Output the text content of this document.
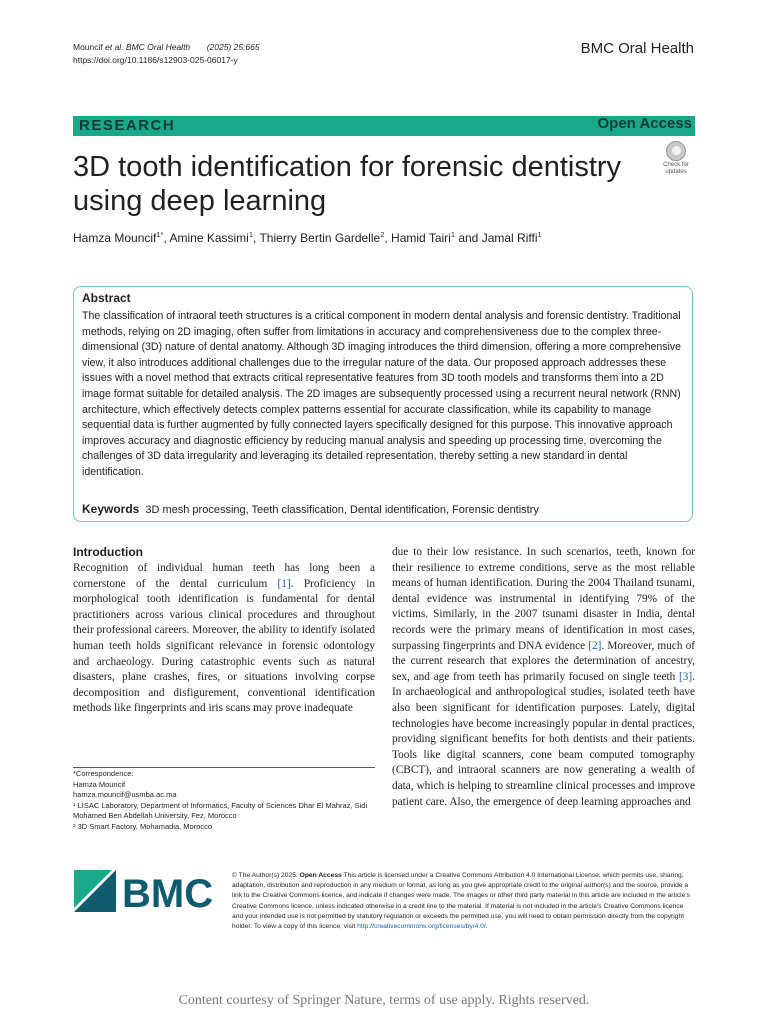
Mouncif et al. BMC Oral Health (2025) 25:665
https://doi.org/10.1186/s12903-025-06017-y
BMC Oral Health
RESEARCH	Open Access
3D tooth identification for forensic dentistry using deep learning
Check for updates
Hamza Mouncif$^{1*}$, Amine Kassimi$^1$, Thierry Bertin Gardelle$^2$, Hamid Tairi$^1$ and Jamal Riffi$^1$
Abstract
The classification of intraoral teeth structures is a critical component in modern dental analysis and forensic dentistry. Traditional methods, relying on 2D imaging, often suffer from limitations in accuracy and comprehensiveness due to the complex three-dimensional (3D) nature of dental anatomy. Although 3D imaging introduces the third dimension, offering a more comprehensive view, it also introduces additional challenges due to the irregular nature of the data. Our proposed approach addresses these issues with a novel method that extracts critical representative features from 3D tooth models and transforms them into a 2D image format suitable for detailed analysis. The 2D images are subsequently processed using a recurrent neural network (RNN) architecture, which effectively detects complex patterns essential for accurate classification, while its capability to manage sequential data is further augmented by fully connected layers specifically designed for this purpose. This innovative approach improves accuracy and diagnostic efficiency by reducing manual analysis and speeding up processing time, overcoming the challenges of 3D data irregularity and leveraging its detailed representation, thereby setting a new standard in dental identification.
Keywords 3D mesh processing, Teeth classification, Dental identification, Forensic dentistry
Introduction
Recognition of individual human teeth has long been a cornerstone of the dental curriculum [1]. Proficiency in morphological tooth identification is fundamental for dental practitioners across various clinical procedures and throughout their professional careers. Moreover, the ability to identify isolated human teeth holds significant relevance in forensic odontology and archaeology. During catastrophic events such as natural disasters, plane crashes, fires, or situations involving corpse decomposition and disfigurement, conventional identification methods like fingerprints and iris scans may prove inadequate
due to their low resistance. In such scenarios, teeth, known for their resilience to extreme conditions, serve as the most reliable means of human identification. During the 2004 Thailand tsunami, dental evidence was instrumental in identifying 79% of the victims. Similarly, in the 2007 tsunami disaster in India, dental records were the primary means of identification in most cases, surpassing fingerprints and DNA evidence [2]. Moreover, much of the current research that explores the determination of ancestry, sex, and age from teeth has primarily focused on single teeth [3]. In archaeological and anthropological studies, isolated teeth have also been significant for identification purposes. Lately, digital technologies have become increasingly popular in dental practices, providing significant benefits for both dentists and their patients. Tools like digital scanners, cone beam computed tomography (CBCT), and intraoral scanners are now generating a wealth of data, which is helping to streamline clinical processes and improve patient care. Also, the emergence of deep learning approaches and
*Correspondence:
Hamza Mouncif
hamza.mouncif@usmba.ac.ma
¹ LISAC Laboratory, Department of Informatics, Faculty of Sciences Dhar El Mahraz, Sidi Mohamed Ben Abdellah University, Fez, Morocco
² 3D Smart Factory, Mohamadia, Morocco
BMC	© The Author(s) 2025. Open Access This article is licensed under a Creative Commons Attribution 4.0 International License, which permits use, sharing, adaptation, distribution and reproduction in any medium or format, as long as you give appropriate credit to the original author(s) and the source, provide a link to the Creative Commons licence, and indicate if changes were made. The images or other third party material in this article are included in the article's Creative Commons licence, unless indicated otherwise in a credit line to the material. If material is not included in the article's Creative Commons licence and your intended use is not permitted by statutory regulation or exceeds the permitted use, you will need to obtain permission directly from the copyright holder. To view a copy of this licence, visit http://creativecommons.org/licenses/by/4.0/.
Content courtesy of Springer Nature, terms of use apply. Rights reserved.
